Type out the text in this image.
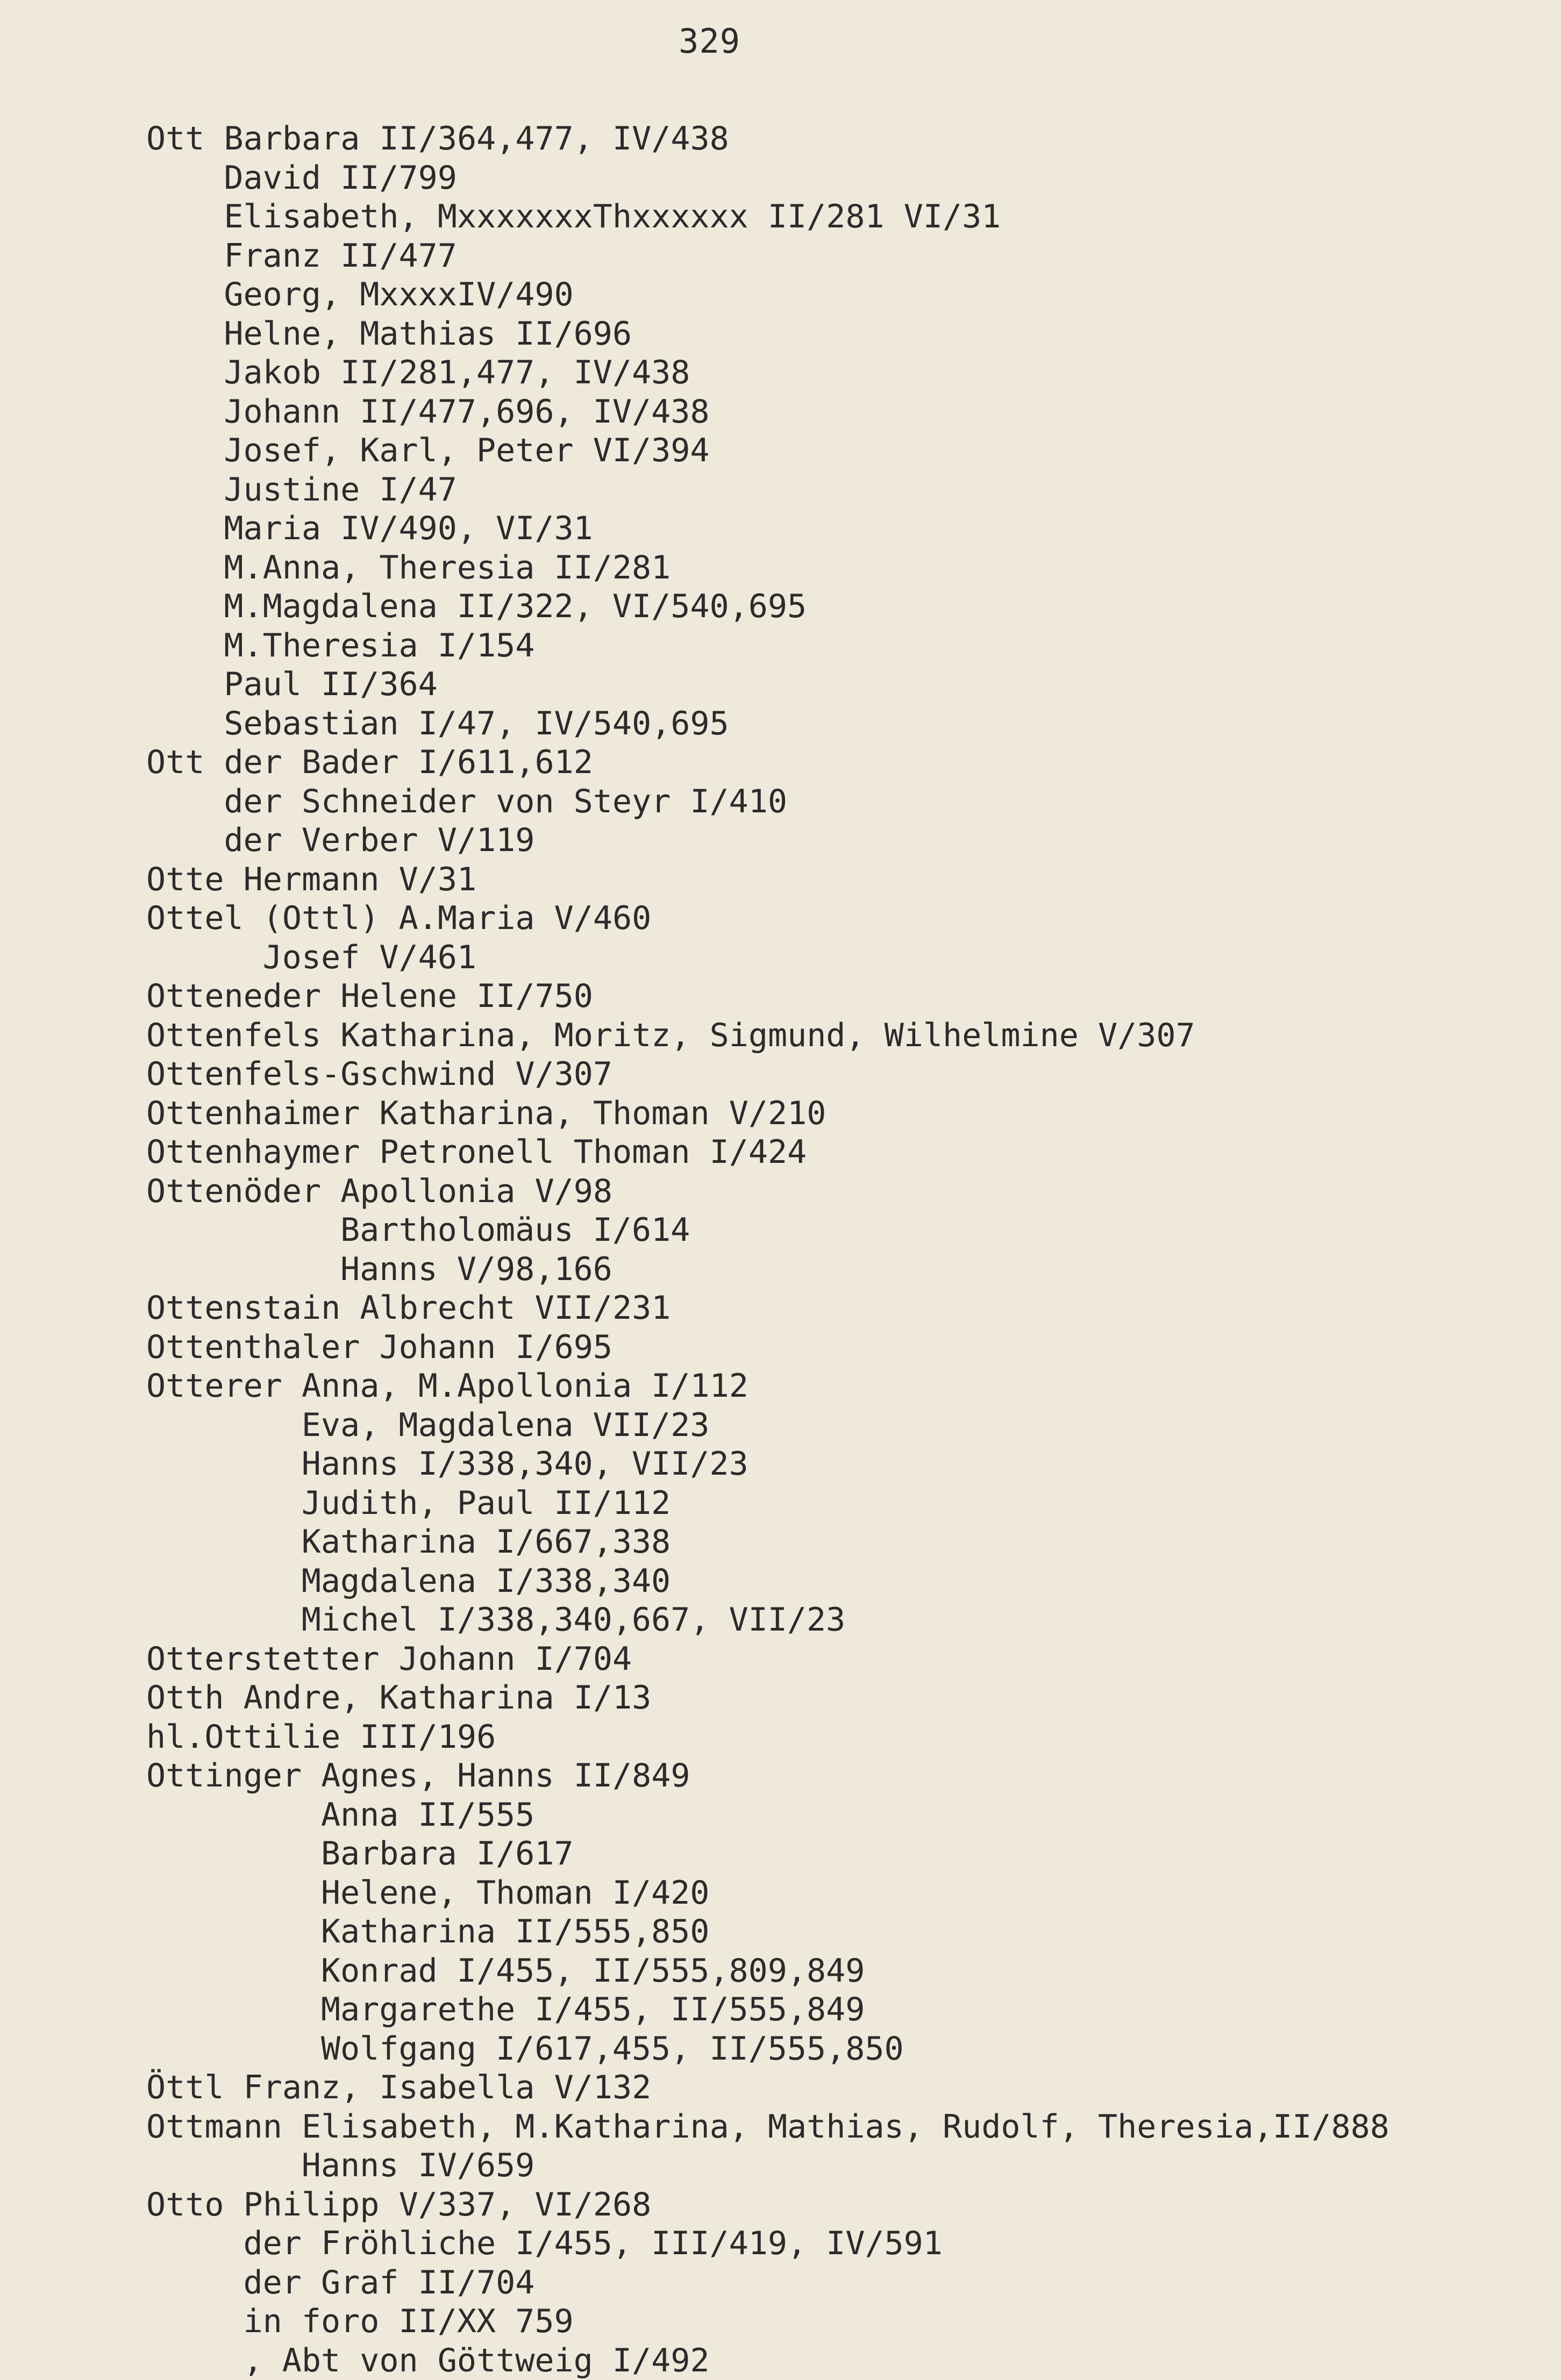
329
Ott Barbara II/364,477, IV/438
David II/799
Elisabeth, MxxxxxxxThxxxxxx II/281 VI/31
Franz II/477
Georg, MxxxxIV/490
Helne, Mathias II/696
Jakob II/281,477, IV/438
Johann II/477,696, IV/438
Josef, Karl, Peter VI/394
Justine I/47
Maria IV/490, VI/31
M.Anna, Theresia II/281
M.Magdalena II/322, VI/540,695
M.Theresia I/154
Paul II/364
Sebastian I/47, IV/540,695
Ott der Bader I/611,612
der Schneider von Steyr I/410
der Verber V/119
Otte Hermann V/31
Ottel (Ottl) A.Maria V/460
Josef V/461
Otteneder Helene II/750
Ottenfels Katharina, Moritz, Sigmund, Wilhelmine V/307
Ottenfels-Gschwind V/307
Ottenhaimer Katharina, Thoman V/210
Ottenhaymer Petronell Thoman I/424
Ottenöder Apollonia V/98
Bartholomäus I/614
Hanns V/98,166
Ottenstain Albrecht VII/231
Ottenthaler Johann I/695
Otterer Anna, M.Apollonia I/112
Eva, Magdalena VII/23
Hanns I/338,340, VII/23
Judith, Paul II/112
Katharina I/667,338
Magdalena I/338,340
Michel I/338,340,667, VII/23
Otterstetter Johann I/704
Otth Andre, Katharina I/13
hl.Ottilie III/196
Ottinger Agnes, Hanns II/849
Anna II/555
Barbara I/617
Helene, Thoman I/420
Katharina II/555,850
Konrad I/455, II/555,809,849
Margarethe I/455, II/555,849
Wolfgang I/617,455, II/555,850
Öttl Franz, Isabella V/132
Ottmann Elisabeth, M.Katharina, Mathias, Rudolf, Theresia,II/888
Hanns IV/659
Otto Philipp V/337, VI/268
der Fröhliche I/455, III/419, IV/591
der Graf II/704
in foro II/XX 759
, Abt von Göttweig I/492
